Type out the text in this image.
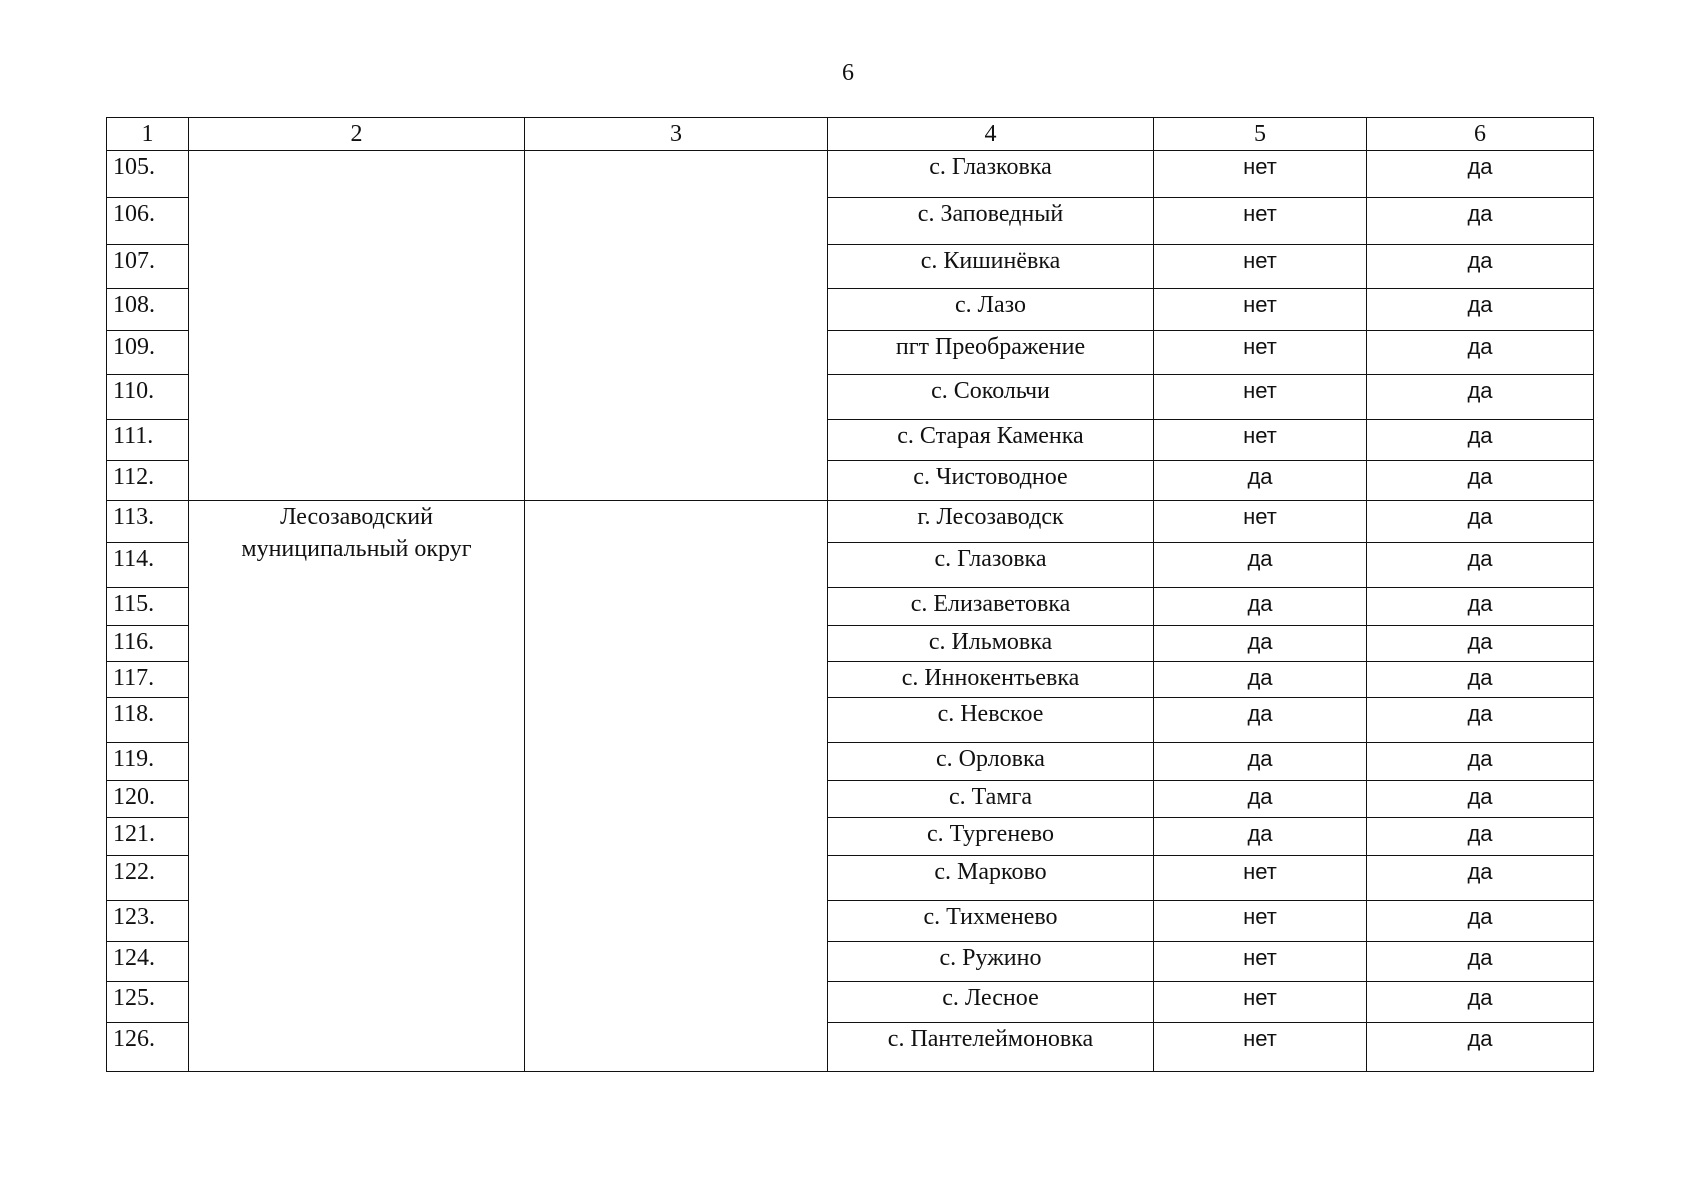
6
1	2	3	4	5	6
105.			с. Глазковка	нет	да
106.			с. Заповедный	нет	да
107.			с. Кишинёвка	нет	да
108.			с. Лазо	нет	да
109.			пгт Преображение	нет	да
110.			с. Сокольчи	нет	да
111.			с. Старая Каменка	нет	да
112.			с. Чистоводное	да	да
113.	Лесозаводский
муниципальный округ		г. Лесозаводск	нет	да
114.			с. Глазовка	да	да
115.			с. Елизаветовка	да	да
116.			с. Ильмовка	да	да
117.			с. Иннокентьевка	да	да
118.			с. Невское	да	да
119.			с. Орловка	да	да
120.			с. Тамга	да	да
121.			с. Тургенево	да	да
122.			с. Марково	нет	да
123.			с. Тихменево	нет	да
124.			с. Ружино	нет	да
125.			с. Лесное	нет	да
126.			с. Пантелеймоновка	нет	да
